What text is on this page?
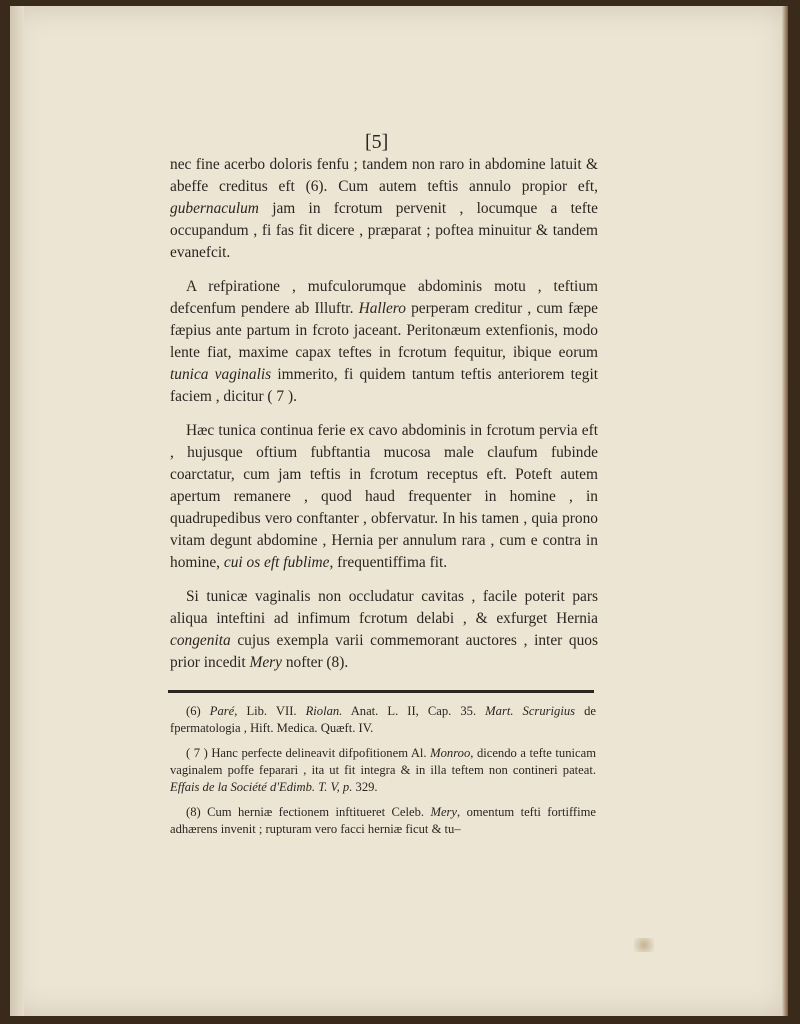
[5]

nec fine acerbo doloris fenfu ; tandem non raro in abdomine latuit & abeffe creditus eft (6). Cum autem teftis annulo propior eft, gubernaculum jam in fcrotum pervenit , locumque a tefte occupandum , fi fas fit dicere , præparat ; poftea minuitur & tandem evanefcit.

A refpiratione , mufculorumque abdominis motu , teftium defcenfum pendere ab Illuftr. Hallero perperam creditur , cum fæpe fæpius ante partum in fcroto jaceant. Peritonæum extenfionis, modo lente fiat, maxime capax teftes in fcrotum fequitur, ibique eorum tunica vaginalis immerito, fi quidem tantum teftis anteriorem tegit faciem , dicitur ( 7 ).

Hæc tunica continua ferie ex cavo abdominis in fcrotum pervia eft , hujusque oftium fubftantia mucosa male claufum fubinde coarctatur, cum jam teftis in fcrotum receptus eft. Poteft autem apertum remanere , quod haud frequenter in homine , in quadrupedibus vero conftanter , obfervatur. In his tamen , quia prono vitam degunt abdomine , Hernia per annulum rara , cum e contra in homine, cui os eft fublime, frequentiffima fit.

Si tunicæ vaginalis non occludatur cavitas , facile poterit pars aliqua inteftini ad infimum fcrotum delabi , & exfurget Hernia congenita cujus exempla varii commemorant auctores , inter quos prior incedit Mery nofter (8).

(6) Paré, Lib. VII. Riolan. Anat. L. II, Cap. 35. Mart. Scrurigius de fpermatologia , Hift. Medica. Quæft. IV.

( 7 ) Hanc perfecte delineavit difpofitionem Al. Monroo, dicendo a tefte tunicam vaginalem poffe feparari , ita ut fit integra & in illa teftem non contineri pateat. Effais de la Société d'Edimb. T. V, p. 329.

(8) Cum herniæ fectionem inftitueret Celeb. Mery, omentum tefti fortiffime adhærens invenit ; rupturam vero facci herniæ ficut & tu–
